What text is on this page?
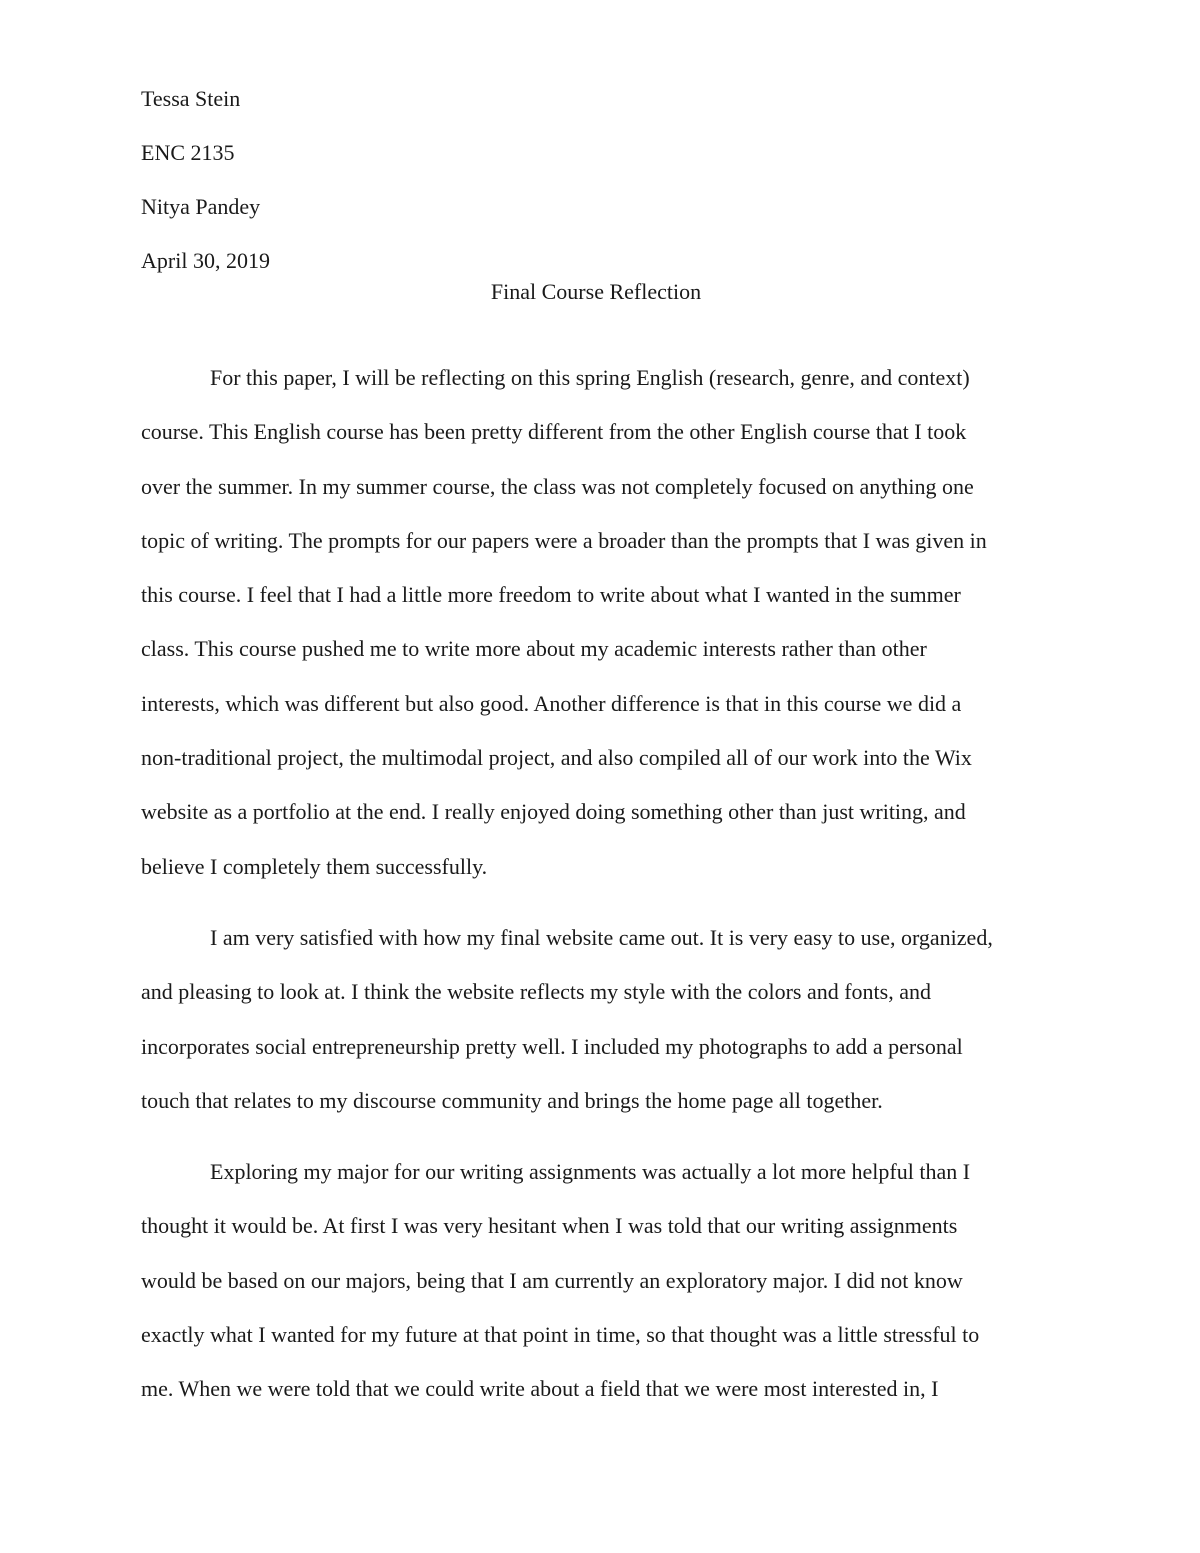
Tessa Stein
ENC 2135
Nitya Pandey
April 30, 2019
Final Course Reflection
For this paper, I will be reflecting on this spring English (research, genre, and context)
course. This English course has been pretty different from the other English course that I took
over the summer. In my summer course, the class was not completely focused on anything one
topic of writing. The prompts for our papers were a broader than the prompts that I was given in
this course. I feel that I had a little more freedom to write about what I wanted in the summer
class. This course pushed me to write more about my academic interests rather than other
interests, which was different but also good. Another difference is that in this course we did a
non-traditional project, the multimodal project, and also compiled all of our work into the Wix
website as a portfolio at the end. I really enjoyed doing something other than just writing, and
believe I completely them successfully.
I am very satisfied with how my final website came out. It is very easy to use, organized,
and pleasing to look at. I think the website reflects my style with the colors and fonts, and
incorporates social entrepreneurship pretty well. I included my photographs to add a personal
touch that relates to my discourse community and brings the home page all together.
Exploring my major for our writing assignments was actually a lot more helpful than I
thought it would be. At first I was very hesitant when I was told that our writing assignments
would be based on our majors, being that I am currently an exploratory major. I did not know
exactly what I wanted for my future at that point in time, so that thought was a little stressful to
me. When we were told that we could write about a field that we were most interested in, I
